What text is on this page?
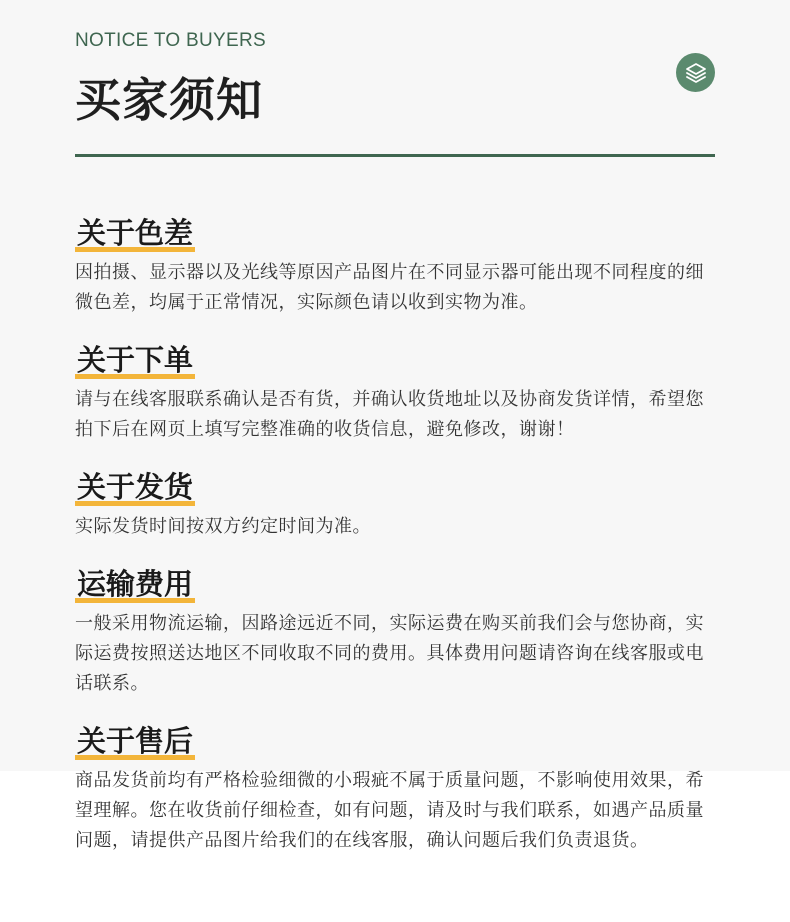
NOTICE TO BUYERS
买家须知
关于色差
因拍摄、显示器以及光线等原因产品图片在不同显示器可能出现不同程度的细微色差，均属于正常情况，实际颜色请以收到实物为准。
关于下单
请与在线客服联系确认是否有货，并确认收货地址以及协商发货详情，希望您拍下后在网页上填写完整准确的收货信息，避免修改，谢谢！
关于发货
实际发货时间按双方约定时间为准。
运输费用
一般采用物流运输，因路途远近不同，实际运费在购买前我们会与您协商，实际运费按照送达地区不同收取不同的费用。具体费用问题请咨询在线客服或电话联系。
关于售后
商品发货前均有严格检验细微的小瑕疵不属于质量问题，不影响使用效果，希望理解。您在收货前仔细检查，如有问题，请及时与我们联系，如遇产品质量问题，请提供产品图片给我们的在线客服，确认问题后我们负责退货。
